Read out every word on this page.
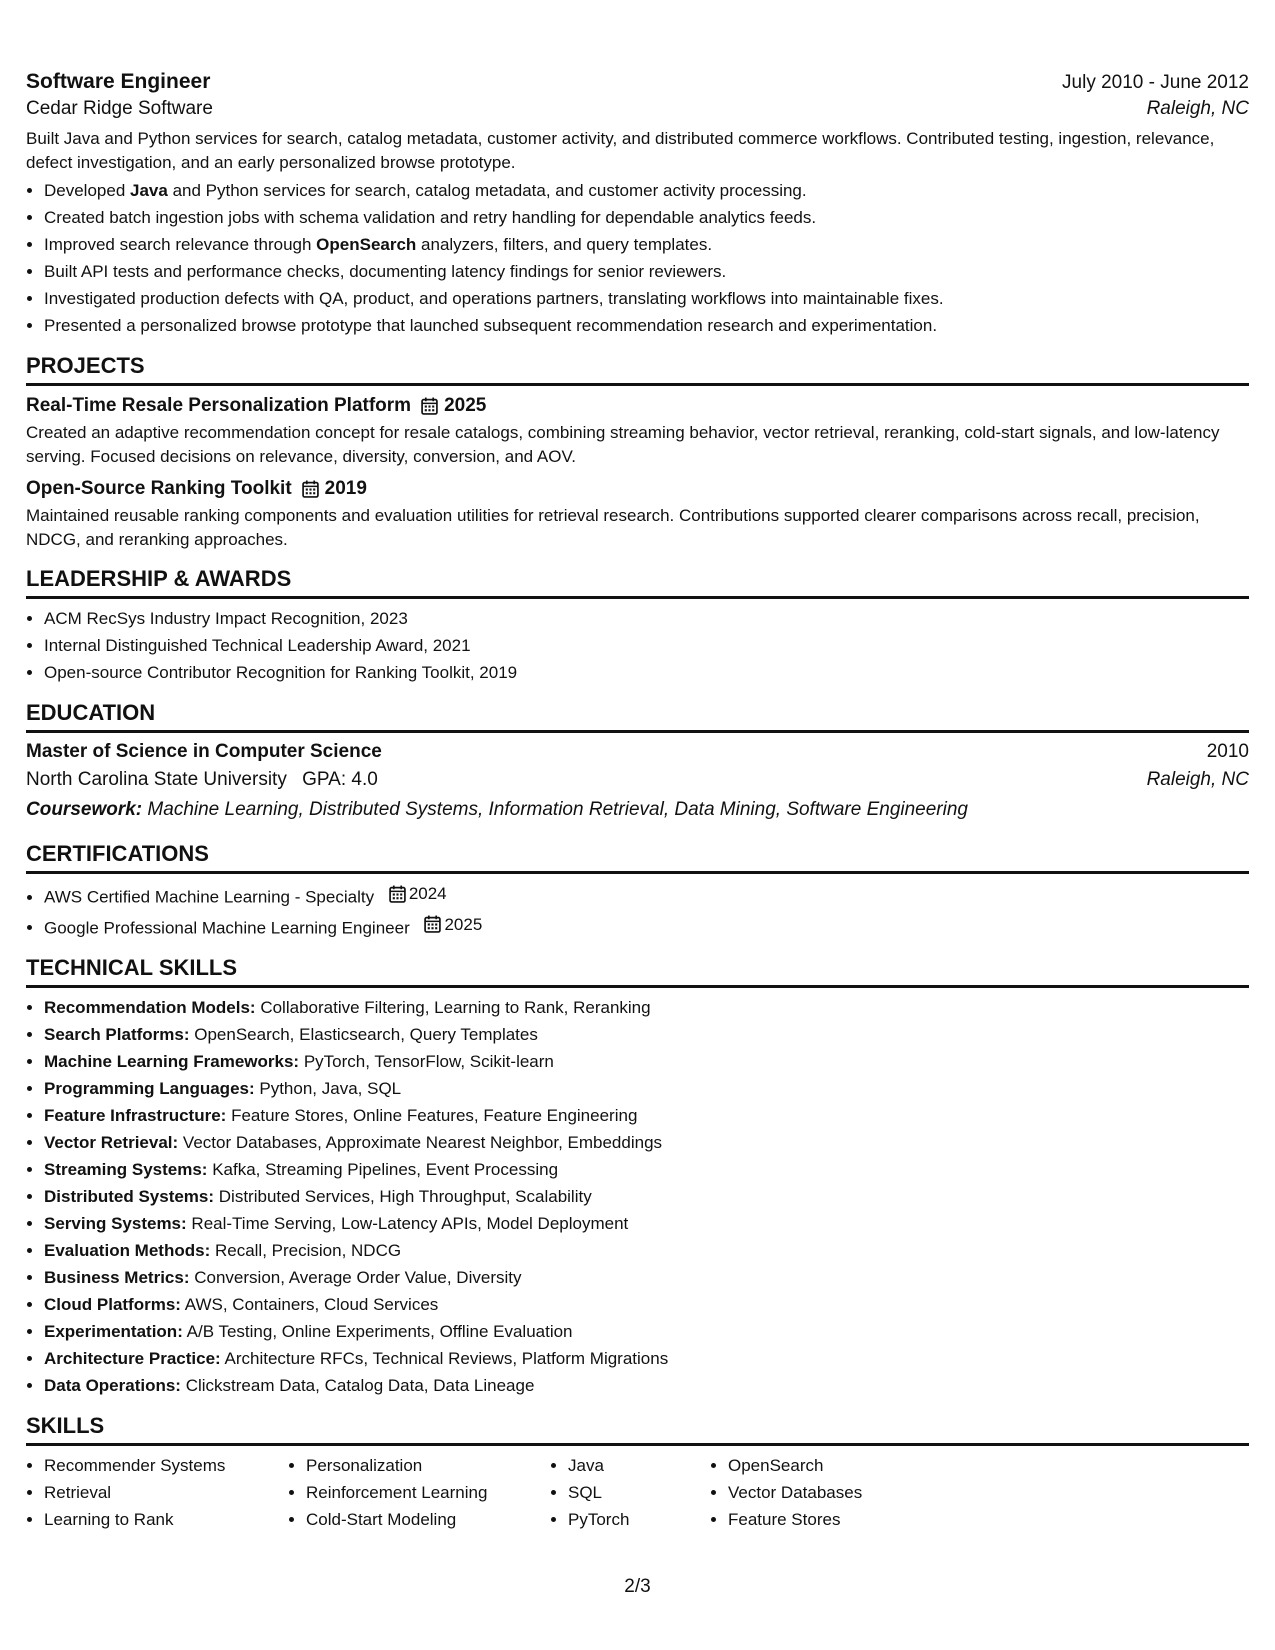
Software Engineer	July 2010 - June 2012
Cedar Ridge Software	Raleigh, NC
Built Java and Python services for search, catalog metadata, customer activity, and distributed commerce workflows. Contributed testing, ingestion, relevance, defect investigation, and an early personalized browse prototype.
• Developed Java and Python services for search, catalog metadata, and customer activity processing.
• Created batch ingestion jobs with schema validation and retry handling for dependable analytics feeds.
• Improved search relevance through OpenSearch analyzers, filters, and query templates.
• Built API tests and performance checks, documenting latency findings for senior reviewers.
• Investigated production defects with QA, product, and operations partners, translating workflows into maintainable fixes.
• Presented a personalized browse prototype that launched subsequent recommendation research and experimentation.
PROJECTS
Real-Time Resale Personalization Platform 2025
Created an adaptive recommendation concept for resale catalogs, combining streaming behavior, vector retrieval, reranking, cold-start signals, and low-latency serving. Focused decisions on relevance, diversity, conversion, and AOV.
Open-Source Ranking Toolkit 2019
Maintained reusable ranking components and evaluation utilities for retrieval research. Contributions supported clearer comparisons across recall, precision, NDCG, and reranking approaches.
LEADERSHIP & AWARDS
• ACM RecSys Industry Impact Recognition, 2023
• Internal Distinguished Technical Leadership Award, 2021
• Open-source Contributor Recognition for Ranking Toolkit, 2019
EDUCATION
Master of Science in Computer Science	2010
North Carolina State University GPA: 4.0	Raleigh, NC
Coursework: Machine Learning, Distributed Systems, Information Retrieval, Data Mining, Software Engineering
CERTIFICATIONS
• AWS Certified Machine Learning - Specialty 2024
• Google Professional Machine Learning Engineer 2025
TECHNICAL SKILLS
• Recommendation Models: Collaborative Filtering, Learning to Rank, Reranking
• Search Platforms: OpenSearch, Elasticsearch, Query Templates
• Machine Learning Frameworks: PyTorch, TensorFlow, Scikit-learn
• Programming Languages: Python, Java, SQL
• Feature Infrastructure: Feature Stores, Online Features, Feature Engineering
• Vector Retrieval: Vector Databases, Approximate Nearest Neighbor, Embeddings
• Streaming Systems: Kafka, Streaming Pipelines, Event Processing
• Distributed Systems: Distributed Services, High Throughput, Scalability
• Serving Systems: Real-Time Serving, Low-Latency APIs, Model Deployment
• Evaluation Methods: Recall, Precision, NDCG
• Business Metrics: Conversion, Average Order Value, Diversity
• Cloud Platforms: AWS, Containers, Cloud Services
• Experimentation: A/B Testing, Online Experiments, Offline Evaluation
• Architecture Practice: Architecture RFCs, Technical Reviews, Platform Migrations
• Data Operations: Clickstream Data, Catalog Data, Data Lineage
SKILLS
• Recommender Systems
• Retrieval
• Learning to Rank
• Personalization
• Reinforcement Learning
• Cold-Start Modeling
• Java
• SQL
• PyTorch
• OpenSearch
• Vector Databases
• Feature Stores
2/3
